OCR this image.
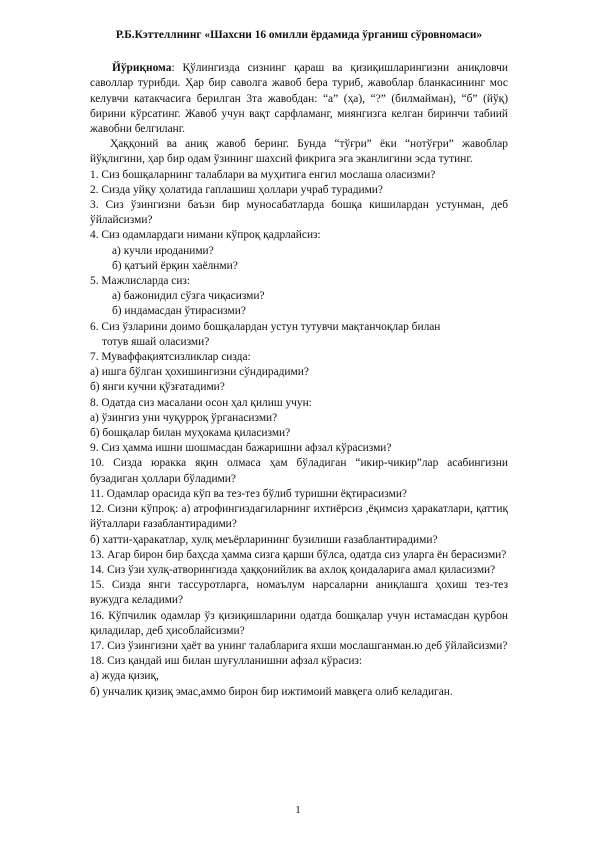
Р.Б.Кэттеллнинг «Шахсни 16 омилли ёрдамида ўрганиш сўровномаси»

Йўриқнома: Қўлингизда сизнинг қараш ва қизиқишларингизни аниқловчи саволлар турибди. Ҳар бир саволга жавоб бера туриб, жавоблар бланкасининг мос келувчи катакчасига берилган 3та жавобдан: “а” (ҳа), “?” (билмайман), “б” (йўқ) бирини кўрсатинг. Жавоб учун вақт сарфламанг, миянгизга келган биринчи табиий жавобни белгиланг.

Ҳаққоний ва аниқ жавоб беринг. Бунда “тўғри” ёки “нотўғри” жавоблар йўқлигини, ҳар бир одам ўзининг шахсий фикрига эга эканлигини эсда тутинг.

1. Сиз бошқаларнинг талаблари ва муҳитига енгил мослаша оласизми?

2. Сизда уйқу ҳолатида гаплашиш ҳоллари учраб турадими?

3. Сиз ўзингизни баъзи бир муносабатларда бошқа кишилардан устунман, деб ўйлайсизми?

4. Сиз одамлардаги нимани кўпроқ қадрлайсиз:

а) кучли ироданими?

б) қатъий ёрқин хаёлнми?

5. Мажлисларда сиз:

а) бажонидил сўзга чиқасизми?

б) индамасдан ўтирасизми?

6. Сиз ўзларини доимо бошқалардан устун тутувчи мақтанчоқлар билан

тотув яшай оласизми?

7. Муваффақиятсизликлар сизда:

а) ишга бўлган ҳохишингизни сўндирадими?

б) янги кучни қўзғатадими?

8. Одатда сиз масалани осон ҳал қилиш учун:

а) ўзингиз уни чуқурроқ ўрганасизми?

б) бошқалар билан муҳокама қиласизми?

9. Сиз ҳамма ишни шошмасдан бажаришни афзал кўрасизми?

10. Сизда юракка яқин олмаса ҳам бўладиган “икир-чикир”лар асабингизни бузадиган ҳоллари бўладими?

11. Одамлар орасида кўп ва тез-тез бўлиб туришни ёқтирасизми?

12. Сизни кўпроқ: а) атрофингиздагиларнинг ихтиёрсиз ,ёқимсиз ҳаракатлари, қаттиқ йўталлари ғазаблантирадими?

б) хатти-ҳаракатлар, хулқ меъёрларининг бузилиши ғазаблантирадими?

13. Агар бирон бир баҳсда ҳамма сизга қарши бўлса, одатда сиз уларга ён берасизми?

14. Сиз ўзи хулқ-атворингизда ҳаққонийлик ва ахлоқ қоидаларига амал қиласизми?

15. Сизда янги тассуротларга, номаълум нарсаларни аниқлашга ҳохиш тез-тез вужудга келадими?

16. Кўпчилик одамлар ўз қизиқишларини одатда бошқалар учун истамасдан қурбон қиладилар, деб ҳисоблайсизми?

17. Сиз ўзингизни ҳаёт ва унинг талабларига яхши мослашганман.ю деб ўйлайсизми?

18. Сиз қандай иш билан шуғулланишни афзал кўрасиз:

а) жуда қизиқ,

б) унчалик қизиқ эмас,аммо бирон бир ижтимоий мавқега олиб келадиган.

1
